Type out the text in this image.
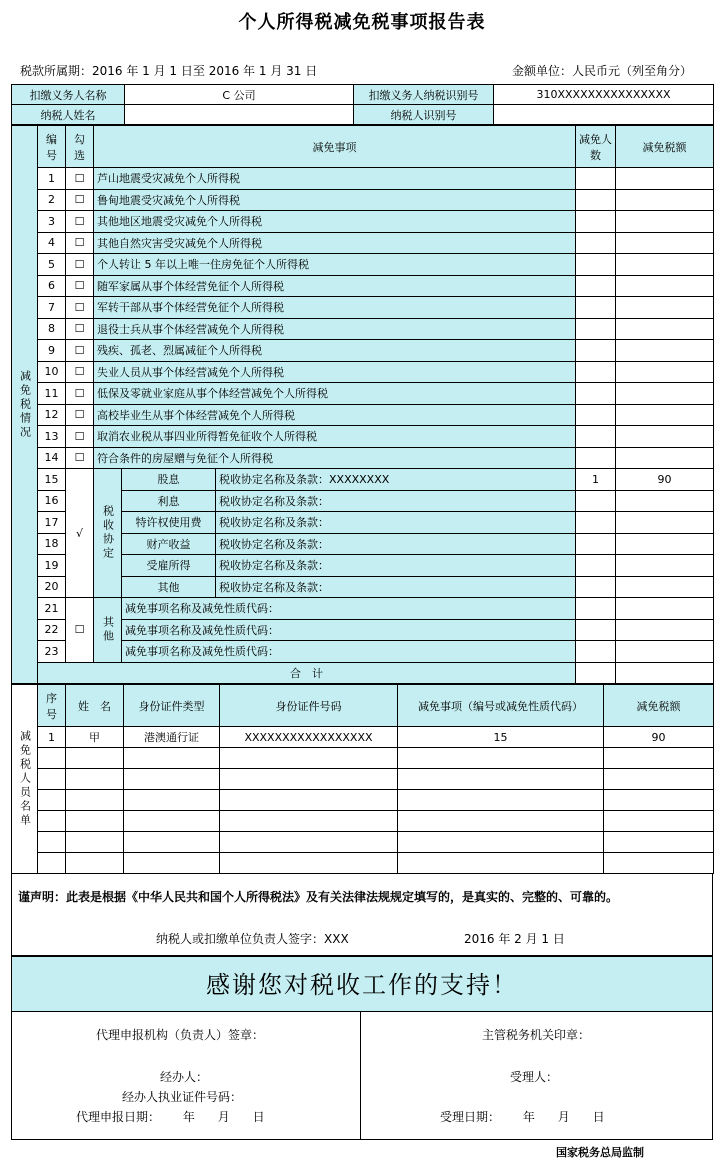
个人所得税减免税事项报告表
税款所属期：2016 年 1 月 1 日至 2016 年 1 月 31 日	金额单位：人民币元（列至角分）
扣缴义务人名称	C 公司	扣缴义务人纳税识别号	310XXXXXXXXXXXXXXX
纳税人姓名		纳税人识别号	
减免税情况	编号	勾选	减免事项			减免人数	减免税额
	1	☐	芦山地震受灾减免个人所得税				
	2	☐	鲁甸地震受灾减免个人所得税				
	3	☐	其他地区地震受灾减免个人所得税				
	4	☐	其他自然灾害受灾减免个人所得税				
	5	☐	个人转让 5 年以上唯一住房免征个人所得税				
	6	☐	随军家属从事个体经营免征个人所得税				
	7	☐	军转干部从事个体经营免征个人所得税				
	8	☐	退役士兵从事个体经营减免个人所得税				
	9	☐	残疾、孤老、烈属减征个人所得税				
	10	☐	失业人员从事个体经营减免个人所得税				
	11	☐	低保及零就业家庭从事个体经营减免个人所得税				
	12	☐	高校毕业生从事个体经营减免个人所得税				
	13	☐	取消农业税从事四业所得暂免征收个人所得税				
	14	☐	符合条件的房屋赠与免征个人所得税				
	15	√	税收协定	股息	税收协定名称及条款：XXXXXXXX	1	90
	16			利息	税收协定名称及条款：		
	17			特许权使用费	税收协定名称及条款：		
	18			财产收益	税收协定名称及条款：		
	19			受雇所得	税收协定名称及条款：		
	20			其他	税收协定名称及条款：		
	21	☐	其他	减免事项名称及减免性质代码：			
	22			减免事项名称及减免性质代码：			
	23			减免事项名称及减免性质代码：			
	合　计						
减免税人员名单	序号	姓　名	身份证件类型	身份证件号码	减免事项（编号或减免性质代码）	减免税额
	1	甲	港澳通行证	XXXXXXXXXXXXXXXXX	15	90

谨声明：此表是根据《中华人民共和国个人所得税法》及有关法律法规规定填写的，是真实的、完整的、可靠的。
纳税人或扣缴单位负责人签字：XXX	2016 年 2 月 1 日
感谢您对税收工作的支持！
代理申报机构（负责人）签章：
经办人：
经办人执业证件号码：
代理申报日期：      年      月      日
主管税务机关印章：
受理人：
受理日期：      年      月      日
国家税务总局监制
